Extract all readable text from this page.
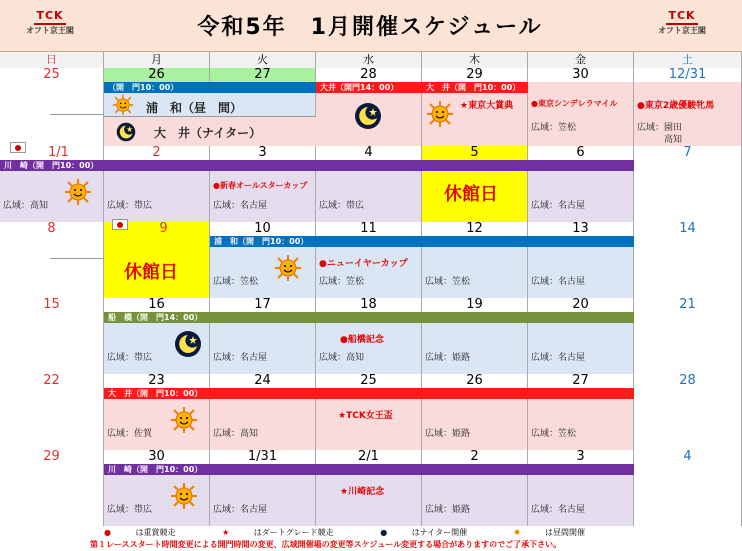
TCK
オフト京王閣	令和5年　1月開催スケジュール	TCK
オフト京王閣
日	月	火	水	木	金	土
25	26	27	28	29	30	12/31
（開　門10：00）
浦　和（昼　間）
大　井（ナイター）
大井（開門14：00）	大　井（開　門10：00）
★ 東京大賞典
●	東京シンデレラマイル
広域：笠松
● 東京2歳優駿牝馬
広域：園田
高知
1/1	2	3	4	5	6	7
川　崎（開　門10：00）
広域：高知	広域：帯広
● 新春オールスターカップ
広域：名古屋	広域：帯広
休館日
広域：名古屋
8	9	10	11	12	13	14
休館日
浦　和（開　門10：00）
広域：笠松
● ニューイヤーカップ
広域：笠松	広域：笠松	広域：名古屋
15	16	17	18	19	20	21
船　橋（開　門14：00）
広域：帯広	広域：名古屋
● 船橋記念
広域：高知	広域：姫路	広域：名古屋
22	23	24	25	26	27	28
大　井（開　門10：00）
広域：佐賀	広域：高知
★ TCK女王盃
広域：姫路	広域：笠松
29	30	1/31	2/1	2	3	4
川　崎（開　門10：00）
広域：帯広	広域：名古屋
★ 川崎記念
広域：姫路	広域：名古屋
●	は重賞競走	★	はダートグレード競走	●	はナイター開催	✹	は昼間開催
第１レーススタート時間変更による開門時間の変更、広域開催場の変更等スケジュール変更する場合がありますのでご了承下さい。
